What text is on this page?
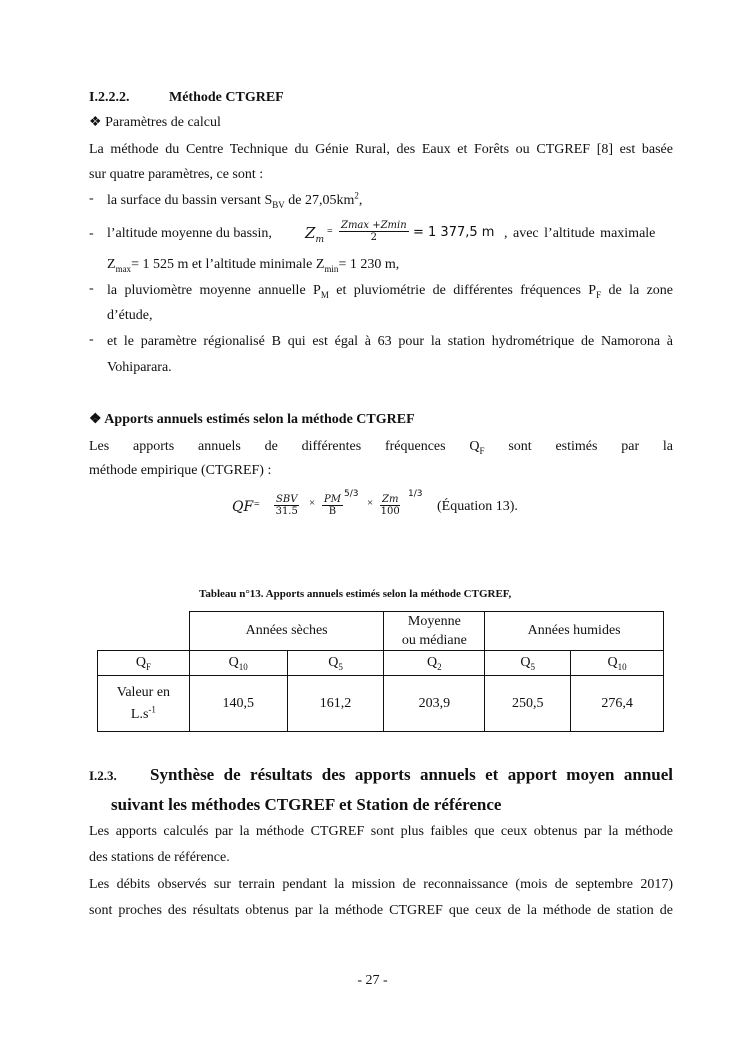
I.2.2.2.	Méthode CTGREF
❖ Paramètres de calcul

La méthode du Centre Technique du Génie Rural, des Eaux et Forêts ou CTGREF [8] est basée

sur quatre paramètres, ce sont :

- la surface du bassin versant $S_{BV}$ de $27,05km^2$,

- l’altitude moyenne du bassin, $Z_m$
=
Zmax +Zmin
2	= 1 377,5 m , avec l’altitude maximale

$Z_{max}= 1$ 525 m et l’altitude minimale $Z_{min}= 1$ 230 m,

- la pluviomètre moyenne annuelle $P_M$ et pluviométrie de différentes fréquences $P_F$ de la zone

d’étude,

- et le paramètre régionalisé B qui est égal à 63 pour la station hydrométrique de Namorona à

Vohiparara.

❖ Apports annuels estimés selon la méthode CTGREF

Les apports annuels de différentes fréquences $Q_F$ sont estimés par la

méthode empirique (CTGREF) :

QF = SBV
31.5
× $\frac{PM}{B} 5/3$
× $\frac{Zm}{100} 1/3$
(Équation 13).
Tableau n°13. Apports annuels estimés selon la méthode CTGREF,
	Années sèches		Moyenne
ou médiane	Années humides	
$Q_F$	$Q_{10}$	$Q_5$	$Q_2$	$Q_5$	$Q_{10}$
Valeur en
$L.s^{-1}$	140,5	161,2	203,9	250,5	276,4
I.2.3. Synthèse de résultats des apports annuels et apport moyen annuel

suivant les méthodes CTGREF et Station de référence

Les apports calculés par la méthode CTGREF sont plus faibles que ceux obtenus par la méthode

des stations de référence.

Les débits observés sur terrain pendant la mission de reconnaissance (mois de septembre 2017)

sont proches des résultats obtenus par la méthode CTGREF que ceux de la méthode de station de

- 27 -
